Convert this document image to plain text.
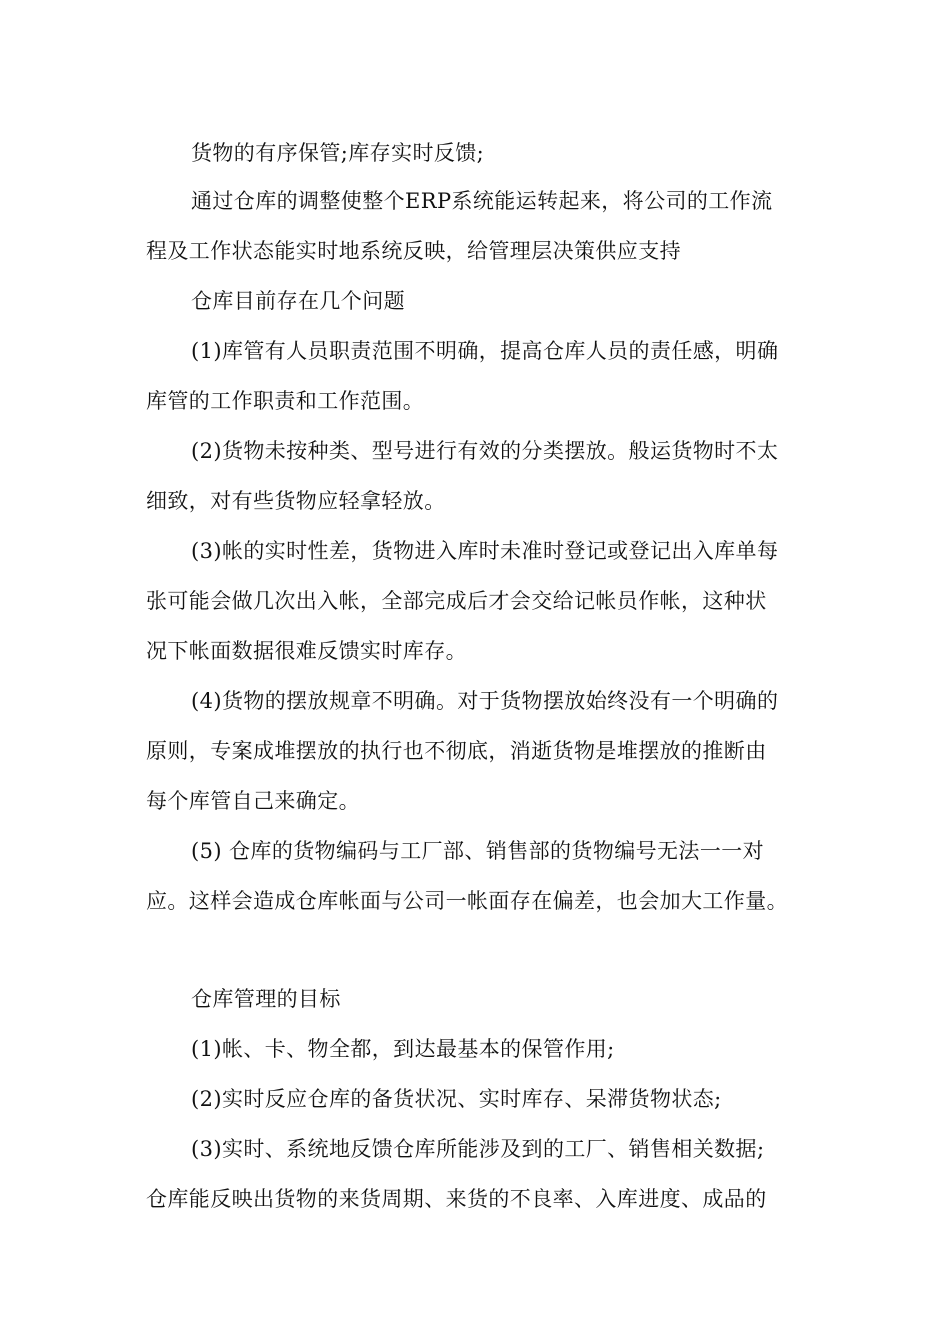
货物的有序保管;库存实时反馈;
通过仓库的调整使整个ERP系统能运转起来，将公司的工作流
程及工作状态能实时地系统反映，给管理层决策供应支持
仓库目前存在几个问题
(1)库管有人员职责范围不明确，提高仓库人员的责任感，明确
库管的工作职责和工作范围。
(2)货物未按种类、型号进行有效的分类摆放。般运货物时不太
细致，对有些货物应轻拿轻放。
(3)帐的实时性差，货物进入库时未准时登记或登记出入库单每
张可能会做几次出入帐，全部完成后才会交给记帐员作帐，这种状
况下帐面数据很难反馈实时库存。
(4)货物的摆放规章不明确。对于货物摆放始终没有一个明确的
原则，专案成堆摆放的执行也不彻底，消逝货物是堆摆放的推断由
每个库管自己来确定。
(5) 仓库的货物编码与工厂部、销售部的货物编号无法一一对
应。这样会造成仓库帐面与公司一帐面存在偏差，也会加大工作量。
仓库管理的目标
(1)帐、卡、物全都，到达最基本的保管作用;
(2)实时反应仓库的备货状况、实时库存、呆滞货物状态;
(3)实时、系统地反馈仓库所能涉及到的工厂、销售相关数据;
仓库能反映出货物的来货周期、来货的不良率、入库进度、成品的
